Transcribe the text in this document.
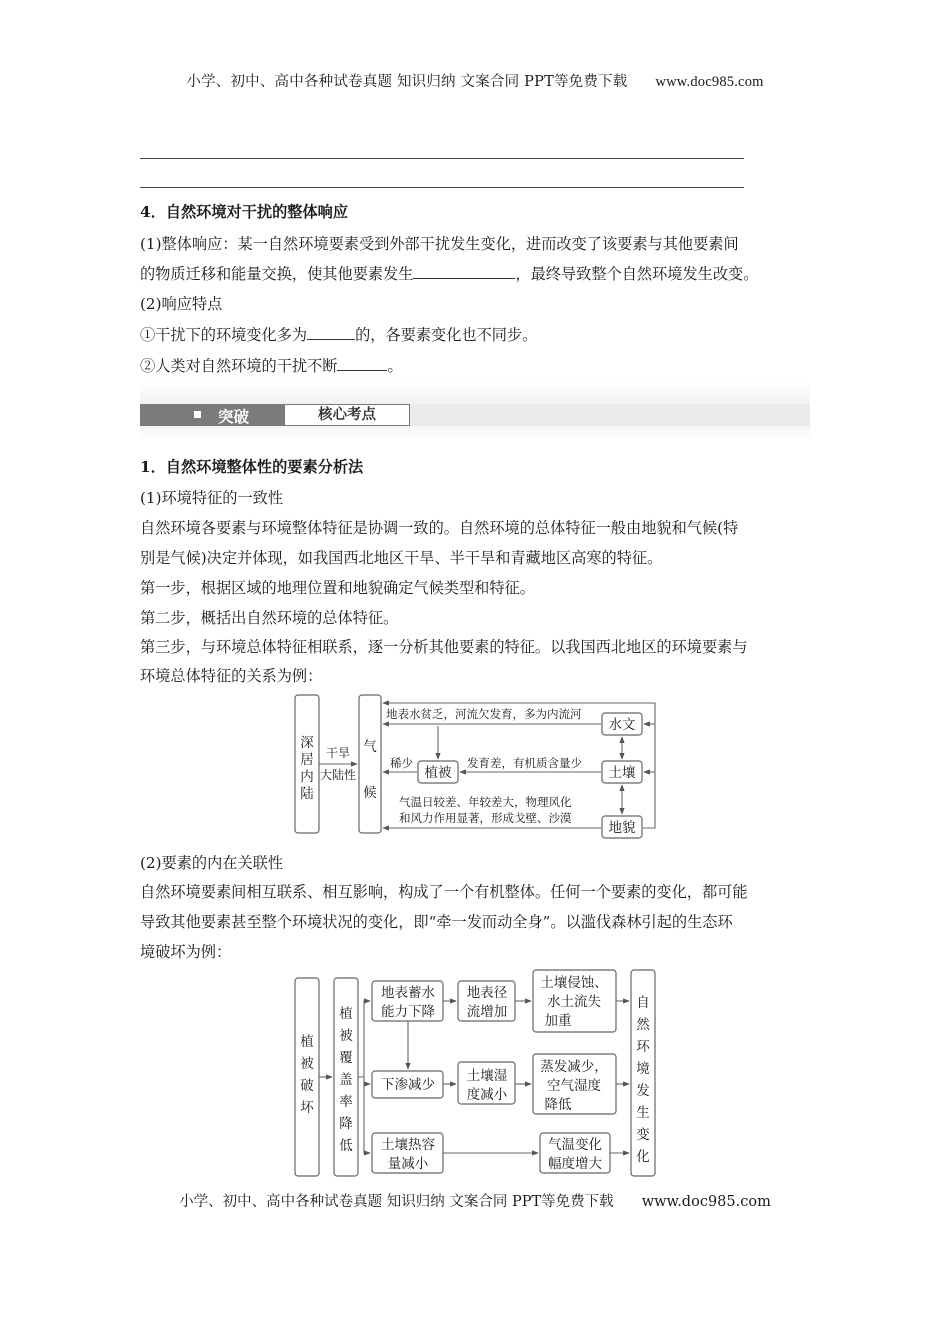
小学、初中、高中各种试卷真题 知识归纳 文案合同 PPT等免费下载 www.doc985.com
4．自然环境对干扰的整体响应
(1)整体响应：某一自然环境要素受到外部干扰发生变化，进而改变了该要素与其他要素间
的物质迁移和能量交换，使其他要素发生	，最终导致整个自然环境发生改变。
(2)响应特点
①干扰下的环境变化多为	的，各要素变化也不同步。
②人类对自然环境的干扰不断	。
突破	核心考点
1．自然环境整体性的要素分析法
(1)环境特征的一致性
自然环境各要素与环境整体特征是协调一致的。自然环境的总体特征一般由地貌和气候(特
别是气候)决定并体现，如我国西北地区干旱、半干旱和青藏地区高寒的特征。
第一步，根据区域的地理位置和地貌确定气候类型和特征。
第二步，概括出自然环境的总体特征。
第三步，与环境总体特征相联系，逐一分析其他要素的特征。以我国西北地区的环境要素与
环境总体特征的关系为例：
深
居
内
陆
干旱
大陆性
气
候
水文
植被	土壤
地貌
地表水贫乏，河流欠发育，多为内流河
稀少	发育差，有机质含量少
气温日较差、年较差大，物理风化
和风力作用显著，形成戈壁、沙漠
(2)要素的内在关联性
自然环境要素间相互联系、相互影响，构成了一个有机整体。任何一个要素的变化，都可能
导致其他要素甚至整个环境状况的变化，即“牵一发而动全身”。以滥伐森林引起的生态环
境破坏为例：
植
被
破
坏
植
被
覆
盖
率
降
低
地表蓄水
能力下降
地表径
流增加
土壤侵蚀、
水土流失
加重
下渗减少
土壤湿
度减小
蒸发减少，
空气湿度
降低
土壤热容
量减小
气温变化
幅度增大
自
然
环
境
发
生
变
化
小学、初中、高中各种试卷真题 知识归纳 文案合同 PPT等免费下载 www.doc985.com
